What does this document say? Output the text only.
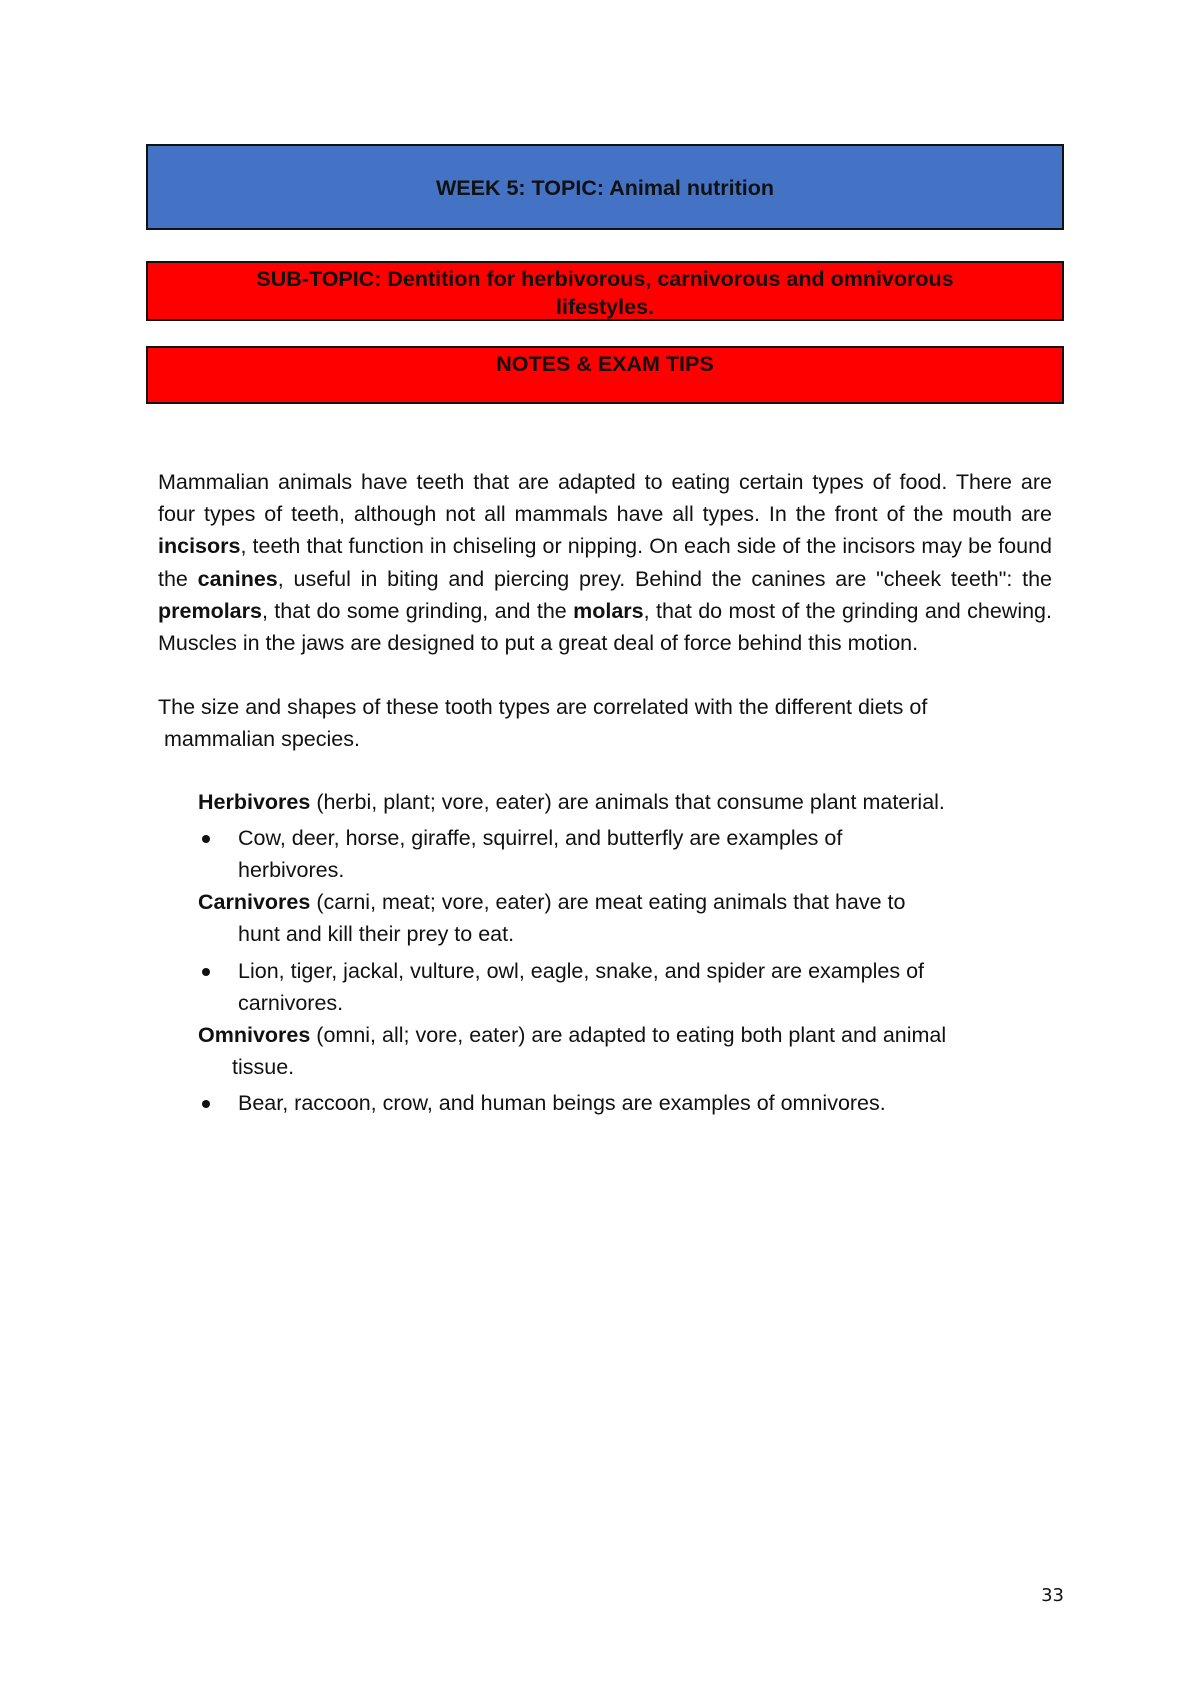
WEEK 5: TOPIC: Animal nutrition
SUB-TOPIC: Dentition for herbivorous, carnivorous and omnivorous
lifestyles.
NOTES & EXAM TIPS

Mammalian animals have teeth that are adapted to eating certain types of food. There are four types of teeth, although not all mammals have all types. In the front of the mouth are incisors, teeth that function in chiseling or nipping. On each side of the incisors may be found the canines, useful in biting and piercing prey. Behind the canines are "cheek teeth": the premolars, that do some grinding, and the molars, that do most of the grinding and chewing. Muscles in the jaws are designed to put a great deal of force behind this motion.

The size and shapes of these tooth types are correlated with the different diets of
mammalian species.

Herbivores (herbi, plant; vore, eater) are animals that consume plant material.

Cow, deer, horse, giraffe, squirrel, and butterfly are examples of
herbivores.

Carnivores (carni, meat; vore, eater) are meat eating animals that have to

hunt and kill their prey to eat.

Lion, tiger, jackal, vulture, owl, eagle, snake, and spider are examples of
carnivores.

Omnivores (omni, all; vore, eater) are adapted to eating both plant and animal

tissue.

Bear, raccoon, crow, and human beings are examples of omnivores.
33
